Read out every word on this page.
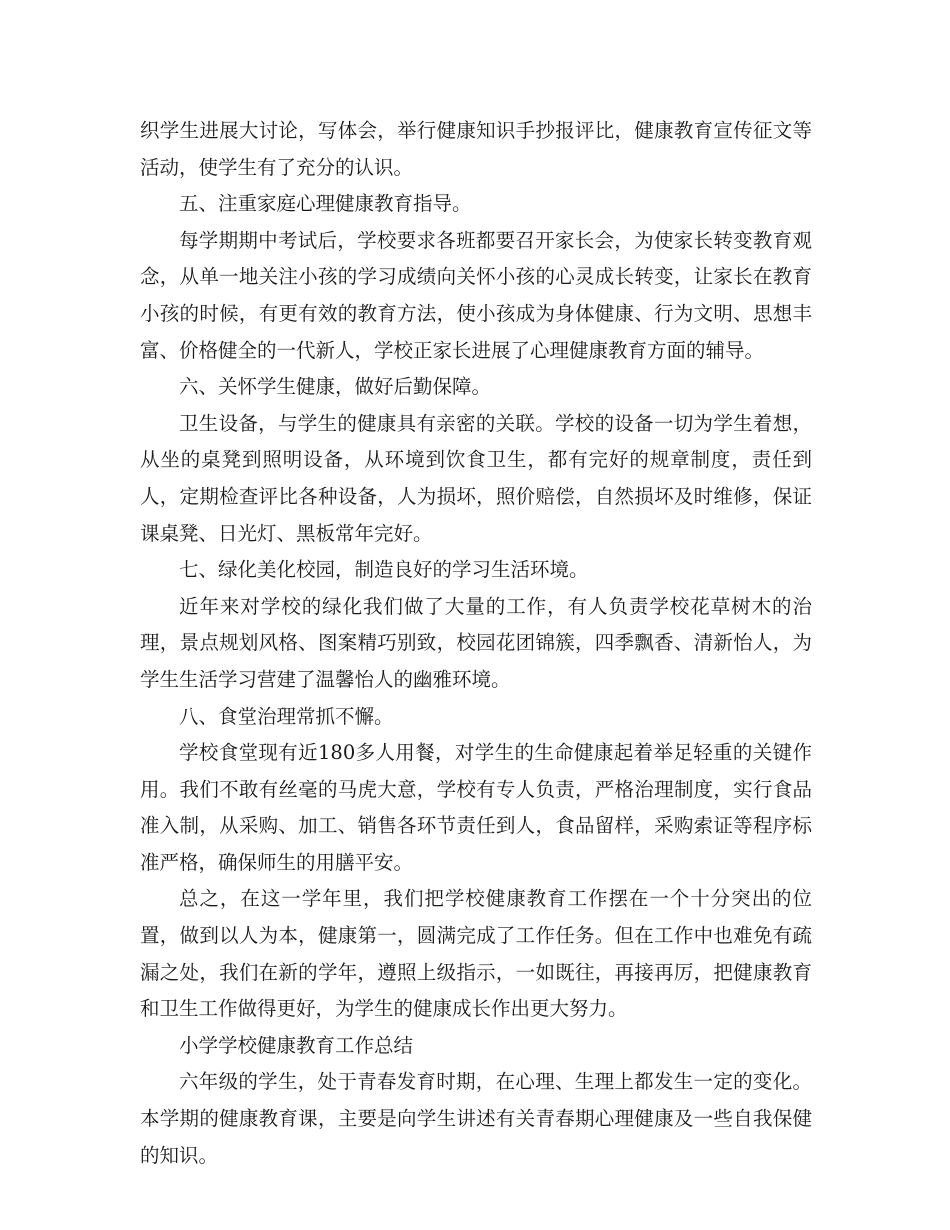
织学生进展大讨论，写体会，举行健康知识手抄报评比，健康教育宣传征文等活动，使学生有了充分的认识。

五、注重家庭心理健康教育指导。

每学期期中考试后，学校要求各班都要召开家长会，为使家长转变教育观念，从单一地关注小孩的学习成绩向关怀小孩的心灵成长转变，让家长在教育小孩的时候，有更有效的教育方法，使小孩成为身体健康、行为文明、思想丰富、价格健全的一代新人，学校正家长进展了心理健康教育方面的辅导。

六、关怀学生健康，做好后勤保障。

卫生设备，与学生的健康具有亲密的关联。学校的设备一切为学生着想，从坐的桌凳到照明设备，从环境到饮食卫生，都有完好的规章制度，责任到人，定期检查评比各种设备，人为损坏，照价赔偿，自然损坏及时维修，保证课桌凳、日光灯、黑板常年完好。

七、绿化美化校园，制造良好的学习生活环境。

近年来对学校的绿化我们做了大量的工作，有人负责学校花草树木的治理，景点规划风格、图案精巧别致，校园花团锦簇，四季飘香、清新怡人，为学生生活学习营建了温馨怡人的幽雅环境。

八、食堂治理常抓不懈。

学校食堂现有近180多人用餐，对学生的生命健康起着举足轻重的关键作用。我们不敢有丝毫的马虎大意，学校有专人负责，严格治理制度，实行食品准入制，从采购、加工、销售各环节责任到人，食品留样，采购索证等程序标准严格，确保师生的用膳平安。

总之，在这一学年里，我们把学校健康教育工作摆在一个十分突出的位置，做到以人为本，健康第一，圆满完成了工作任务。但在工作中也难免有疏漏之处，我们在新的学年，遵照上级指示，一如既往，再接再厉，把健康教育和卫生工作做得更好，为学生的健康成长作出更大努力。

小学学校健康教育工作总结

六年级的学生，处于青春发育时期，在心理、生理上都发生一定的变化。本学期的健康教育课，主要是向学生讲述有关青春期心理健康及一些自我保健的知识。
